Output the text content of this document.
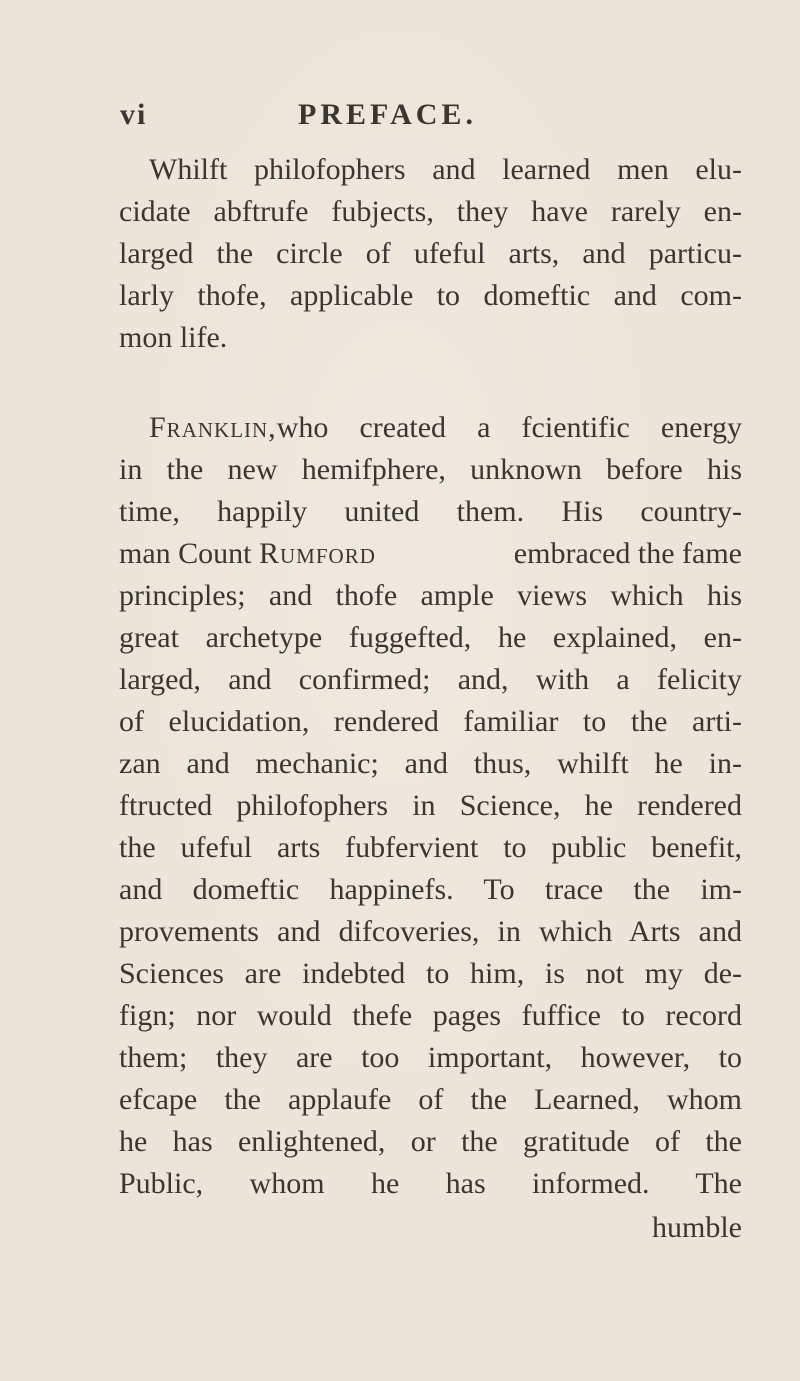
vi	PREFACE.
Whilft philofophers and learned men elu-
cidate abftrufe fubjects, they have rarely en-
larged the circle of ufeful arts, and particu-
larly thofe, applicable to domeftic and com-
mon life.
Franklin, who created a fcientific energy
in the new hemifphere, unknown before his
time, happily united them. His country-
man Count Rumford	embraced the fame
principles; and thofe ample views which his
great archetype fuggefted, he explained, en-
larged, and confirmed; and, with a felicity
of elucidation, rendered familiar to the arti-
zan and mechanic; and thus, whilft he in-
ftructed philofophers in Science, he rendered
the ufeful arts fubfervient to public benefit,
and domeftic happinefs. To trace the im-
provements and difcoveries, in which Arts and
Sciences are indebted to him, is not my de-
fign; nor would thefe pages fuffice to record
them; they are too important, however, to
efcape the applaufe of the Learned, whom
he has enlightened, or the gratitude of the
Public, whom he has informed. The
humble
